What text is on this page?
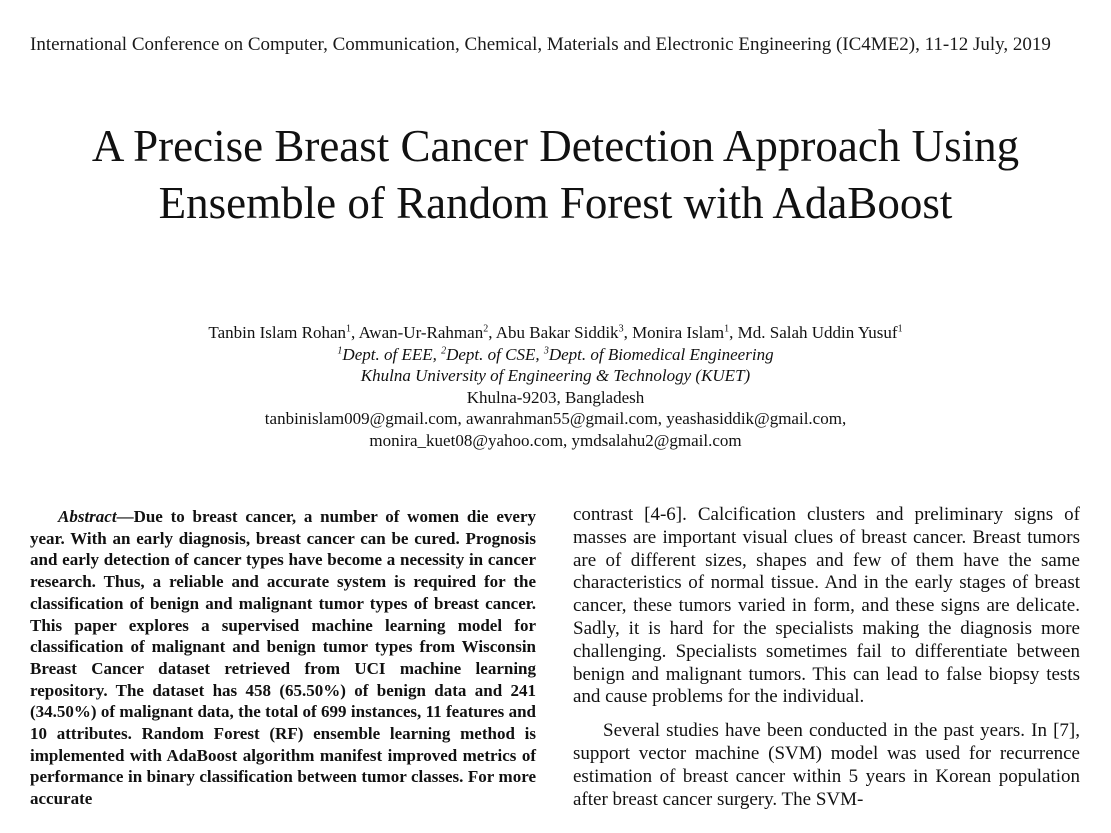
International Conference on Computer, Communication, Chemical, Materials and Electronic Engineering (IC4ME2), 11-12 July, 2019
A Precise Breast Cancer Detection Approach Using
Ensemble of Random Forest with AdaBoost
Tanbin Islam Rohan$^1$, Awan-Ur-Rahman$^2$, Abu Bakar Siddik$^3$, Monira Islam$^1$, Md. Salah Uddin Yusuf$^1$
$^1$Dept. of EEE, $^2$Dept. of CSE, $^3$Dept. of Biomedical Engineering
Khulna University of Engineering & Technology (KUET)
Khulna-9203, Bangladesh
tanbinislam009@gmail.com, awanrahman55@gmail.com, yeashasiddik@gmail.com,
monira_kuet08@yahoo.com, ymdsalahu2@gmail.com
Abstract—Due to breast cancer, a number of women die every year. With an early diagnosis, breast cancer can be cured. Prognosis and early detection of cancer types have become a necessity in cancer research. Thus, a reliable and accurate system is required for the classification of benign and malignant tumor types of breast cancer. This paper explores a supervised machine learning model for classification of malignant and benign tumor types from Wisconsin Breast Cancer dataset retrieved from UCI machine learning repository. The dataset has 458 (65.50%) of benign data and 241 (34.50%) of malignant data, the total of 699 instances, 11 features and 10 attributes. Random Forest (RF) ensemble learning method is implemented with AdaBoost algorithm manifest improved metrics of performance in binary classification between tumor classes. For more accurate

contrast [4-6]. Calcification clusters and preliminary signs of masses are important visual clues of breast cancer. Breast tumors are of different sizes, shapes and few of them have the same characteristics of normal tissue. And in the early stages of breast cancer, these tumors varied in form, and these signs are delicate. Sadly, it is hard for the specialists making the diagnosis more challenging. Specialists sometimes fail to differentiate between benign and malignant tumors. This can lead to false biopsy tests and cause problems for the individual.

Several studies have been conducted in the past years. In [7], support vector machine (SVM) model was used for recurrence estimation of breast cancer within 5 years in Korean population after breast cancer surgery. The SVM-
